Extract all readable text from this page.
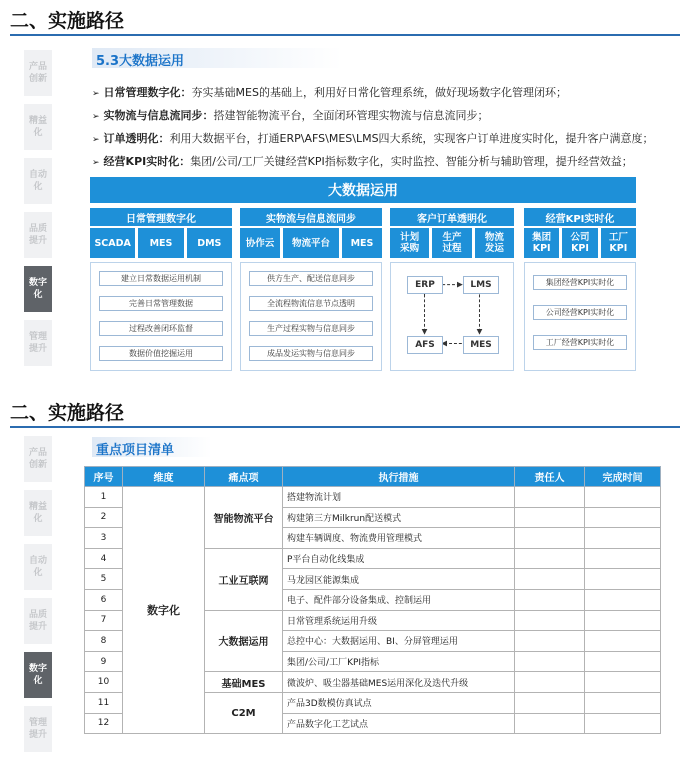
二、实施路径
产品创新
精益化
自动化
品质提升
数字化
管理提升
5.3大数据运用
➢ 日常管理数字化：夯实基础MES的基础上，利用好日常化管理系统，做好现场数字化管理闭环；
➢ 实物流与信息流同步：搭建智能物流平台，全面闭环管理实物流与信息流同步；
➢ 订单透明化：利用大数据平台，打通ERP\AFS\MES\LMS四大系统，实现客户订单进度实时化，提升客户满意度；
➢ 经营KPI实时化：集团/公司/工厂关键经营KPI指标数字化，实时监控、智能分析与辅助管理，提升经营效益；
大数据运用
日常管理数字化
SCADA	MES	DMS
建立日常数据运用机制
完善日常管理数据
过程改善闭环监督
数据价值挖掘运用
实物流与信息流同步
协作云	物流平台	MES
供方生产、配送信息同步
全流程物流信息节点透明
生产过程实物与信息同步
成品发运实物与信息同步
客户订单透明化
计划采购
生产过程
物流发运
ERP	LMS
AFS	MES
经营KPI实时化
集团KPI
公司KPI
工厂KPI
集团经营KPI实时化
公司经营KPI实时化
工厂经营KPI实时化
二、实施路径
产品创新
精益化
自动化
品质提升
数字化
管理提升
重点项目清单
序号	维度	痛点项	执行措施	责任人	完成时间
1	数字化	智能物流平台	搭建物流计划		
2			构建第三方Milkrun配送模式		
3			构建车辆调度、物流费用管理模式		
4		工业互联网	P平台自动化线集成		
5			马龙园区能源集成		
6			电子、配件部分设备集成、控制运用		
7		大数据运用	日常管理系统运用升级		
8			总控中心：大数据运用、BI、分屏管理运用		
9			集团/公司/工厂KPI指标		
10		基础MES	微波炉、吸尘器基础MES运用深化及迭代升级		
11		C2M	产品3D数模仿真试点		
12			产品数字化工艺试点		
